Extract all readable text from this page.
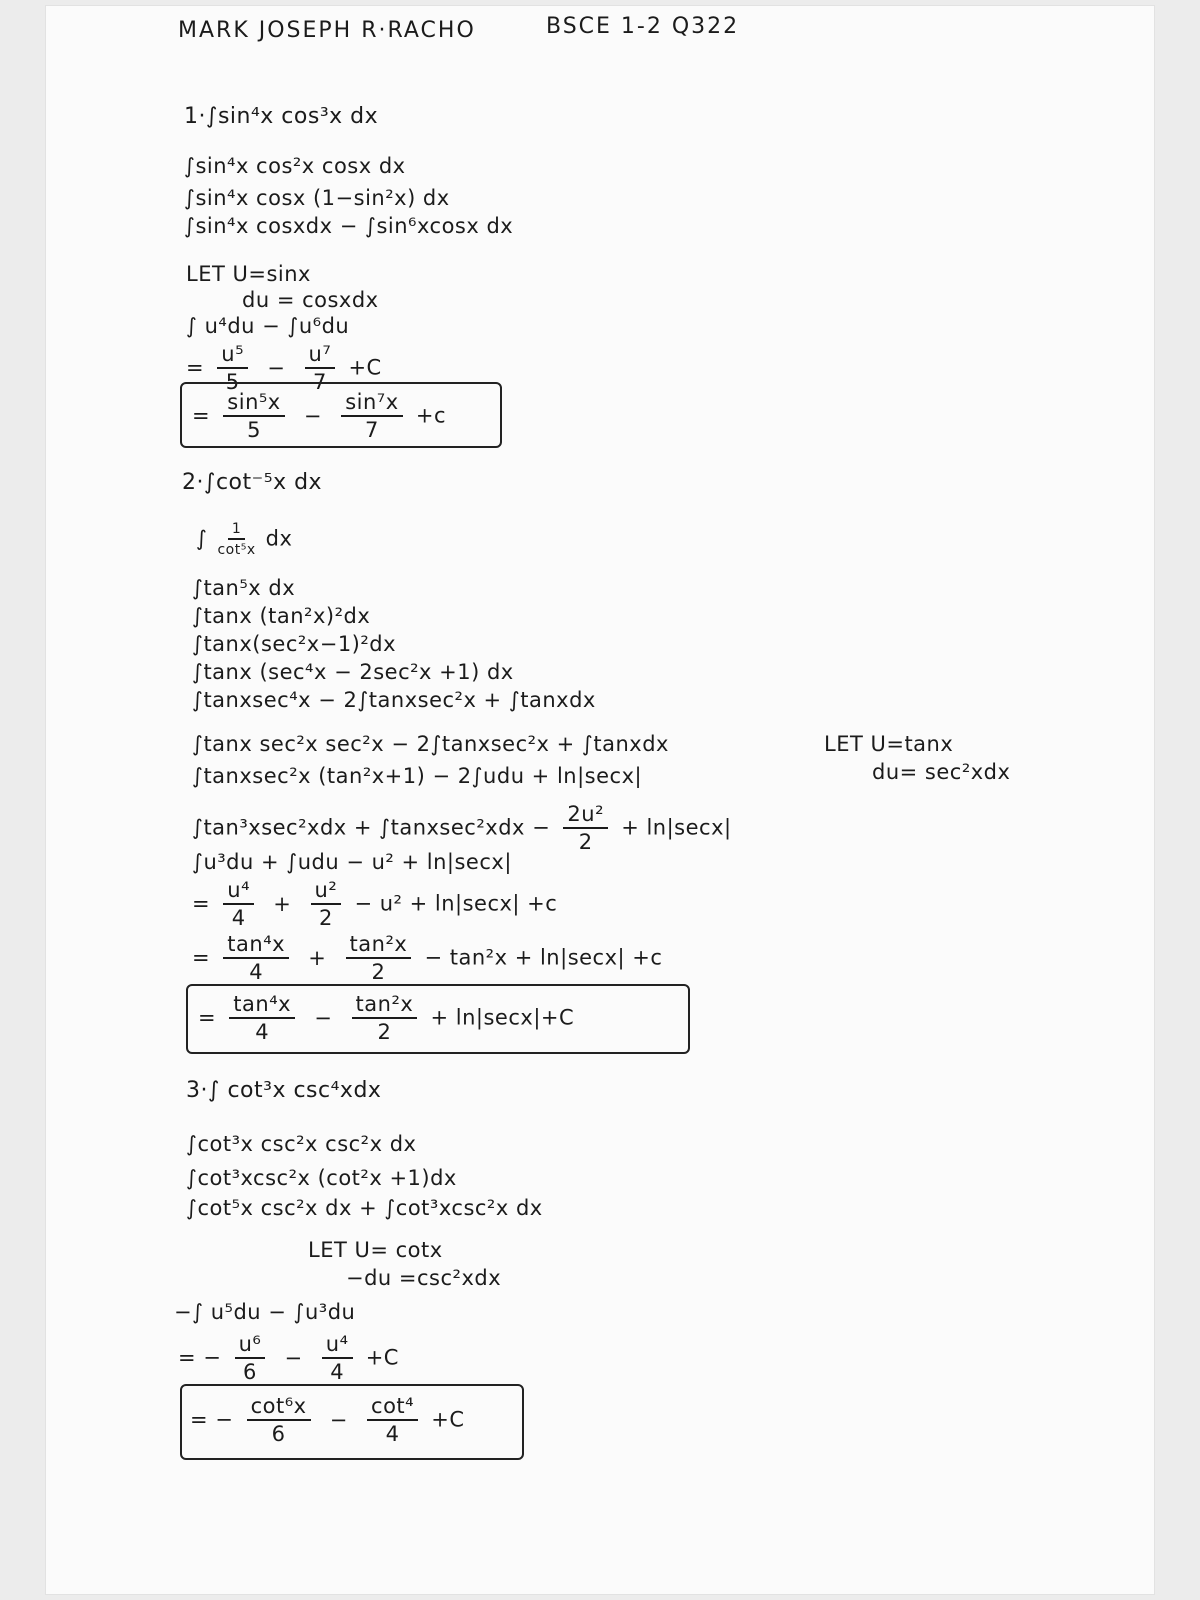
MARK JOSEPH R·RACHO	BSCE 1-2 Q322
1·∫sin⁴x cos³x dx
∫sin⁴x cos²x cosx dx
∫sin⁴x cosx (1−sin²x) dx
∫sin⁴x cosxdx − ∫sin⁶xcosx dx
LET U=sinx
du = cosxdx
∫ u⁴du − ∫u⁶du
= $\frac{\text{u⁵}}{5} - \frac{\text{u⁷}}{7} +C$
= $\frac{\text{sin⁵x}}{5} - \frac{\text{sin⁷x}}{7} +c$
2·∫cot⁻⁵x dx
∫ $\frac{1}{\text{cot⁵x}}$ dx
∫tan⁵x dx
∫tanx (tan²x)²dx
∫tanx(sec²x−1)²dx
∫tanx (sec⁴x − 2sec²x +1) dx
∫tanxsec⁴x − 2∫tanxsec²x + ∫tanxdx
∫tanx sec²x sec²x − 2∫tanxsec²x + ∫tanxdx	LET U=tanx
∫tanxsec²x (tan²x+1) − 2∫udu + ln|secx|	du= sec²xdx
∫tan³xsec²xdx + ∫tanxsec²xdx − $\frac{\text{2u²}}{2} + \ln|\sec x|$
∫u³du + ∫udu − u² + ln|secx|
= $\frac{\text{u⁴}}{4} + \frac{\text{u²}}{2} - u^2 + \ln|\sec x| +c$
= $\frac{\text{tan⁴x}}{4} + \frac{\text{tan²x}}{2} - \tan^2x + \ln|\sec x| +c$
= $\frac{\text{tan⁴x}}{4} - \frac{\text{tan²x}}{2} + \ln|\sec x|+C$
3·∫ cot³x csc⁴xdx
∫cot³x csc²x csc²x dx
∫cot³xcsc²x (cot²x +1)dx
∫cot⁵x csc²x dx + ∫cot³xcsc²x dx
LET U= cotx
−du =csc²xdx
−∫ u⁵du − ∫u³du
= − $\frac{\text{u⁶}}{6} - \frac{\text{u⁴}}{4} +C$
= − $\frac{\text{cot⁶x}}{6} - \frac{\text{cot⁴}}{4} +C$
